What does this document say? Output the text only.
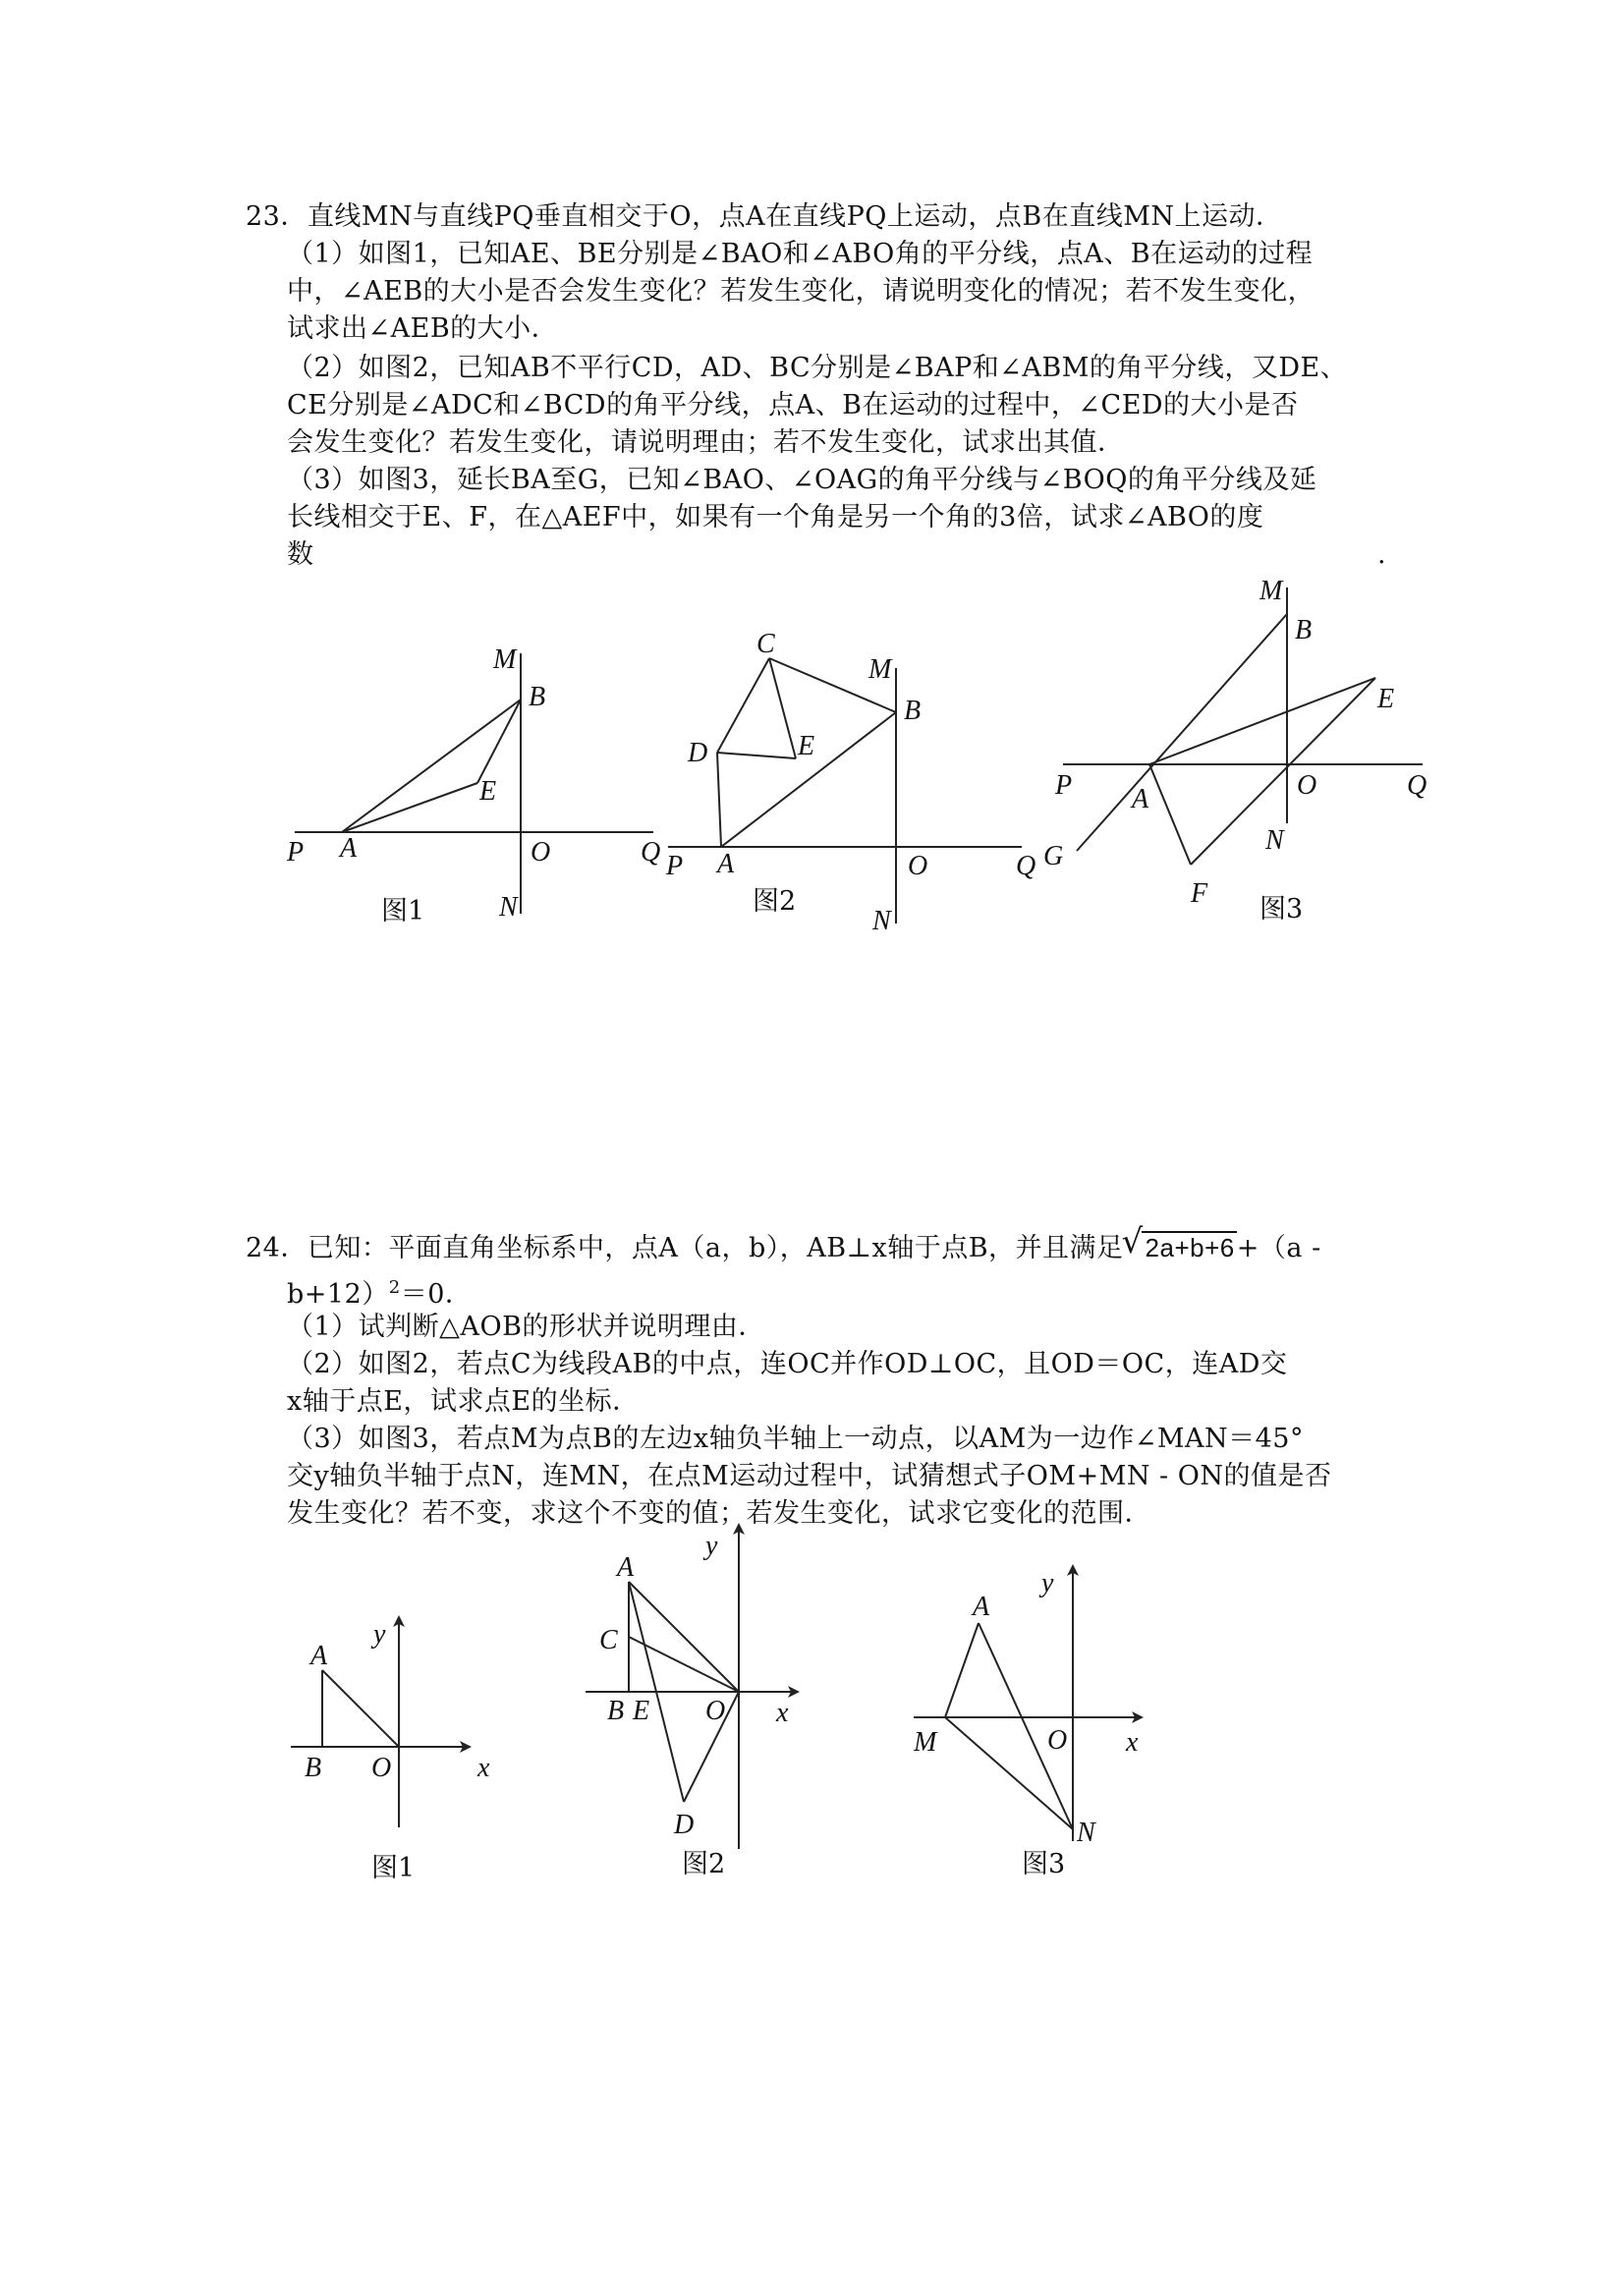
23．直线MN与直线PQ垂直相交于O，点A在直线PQ上运动，点B在直线MN上运动．
（1）如图1，已知AE、BE分别是∠BAO和∠ABO角的平分线，点A、B在运动的过程
中，∠AEB的大小是否会发生变化？若发生变化，请说明变化的情况；若不发生变化，
试求出∠AEB的大小．
（2）如图2，已知AB不平行CD，AD、BC分别是∠BAP和∠ABM的角平分线，又DE、
CE分别是∠ADC和∠BCD的角平分线，点A、B在运动的过程中，∠CED的大小是否
会发生变化？若发生变化，请说明理由；若不发生变化，试求出其值．
（3）如图3，延长BA至G，已知∠BAO、∠OAG的角平分线与∠BOQ的角平分线及延
长线相交于E、F，在△AEF中，如果有一个角是另一个角的3倍，试求∠ABO的度
数	.
M
B
E
P A	O	Q
N
图1
C
M
B
D	E
P A	O	Q
N
图2
M
B
E
P A	O	Q
G
N
F
图3
24．已知：平面直角坐标系中，点A（a，b），AB⊥x轴于点B，并且满足√ 2a+b+6+（a -
b+12）$^2$＝0．
（1）试判断△AOB的形状并说明理由．
（2）如图2，若点C为线段AB的中点，连OC并作OD⊥OC，且OD＝OC，连AD交
x轴于点E，试求点E的坐标．
（3）如图3，若点M为点B的左边x轴负半轴上一动点，以AM为一边作∠MAN＝45°
交y轴负半轴于点N，连MN，在点M运动过程中，试猜想式子OM+MN - ON的值是否
发生变化？若不变，求这个不变的值；若发生变化，试求它变化的范围．
A
y
B O	x
图1
A
y
C
B E O x
D
图2
A
y
M	O x
N
图3
